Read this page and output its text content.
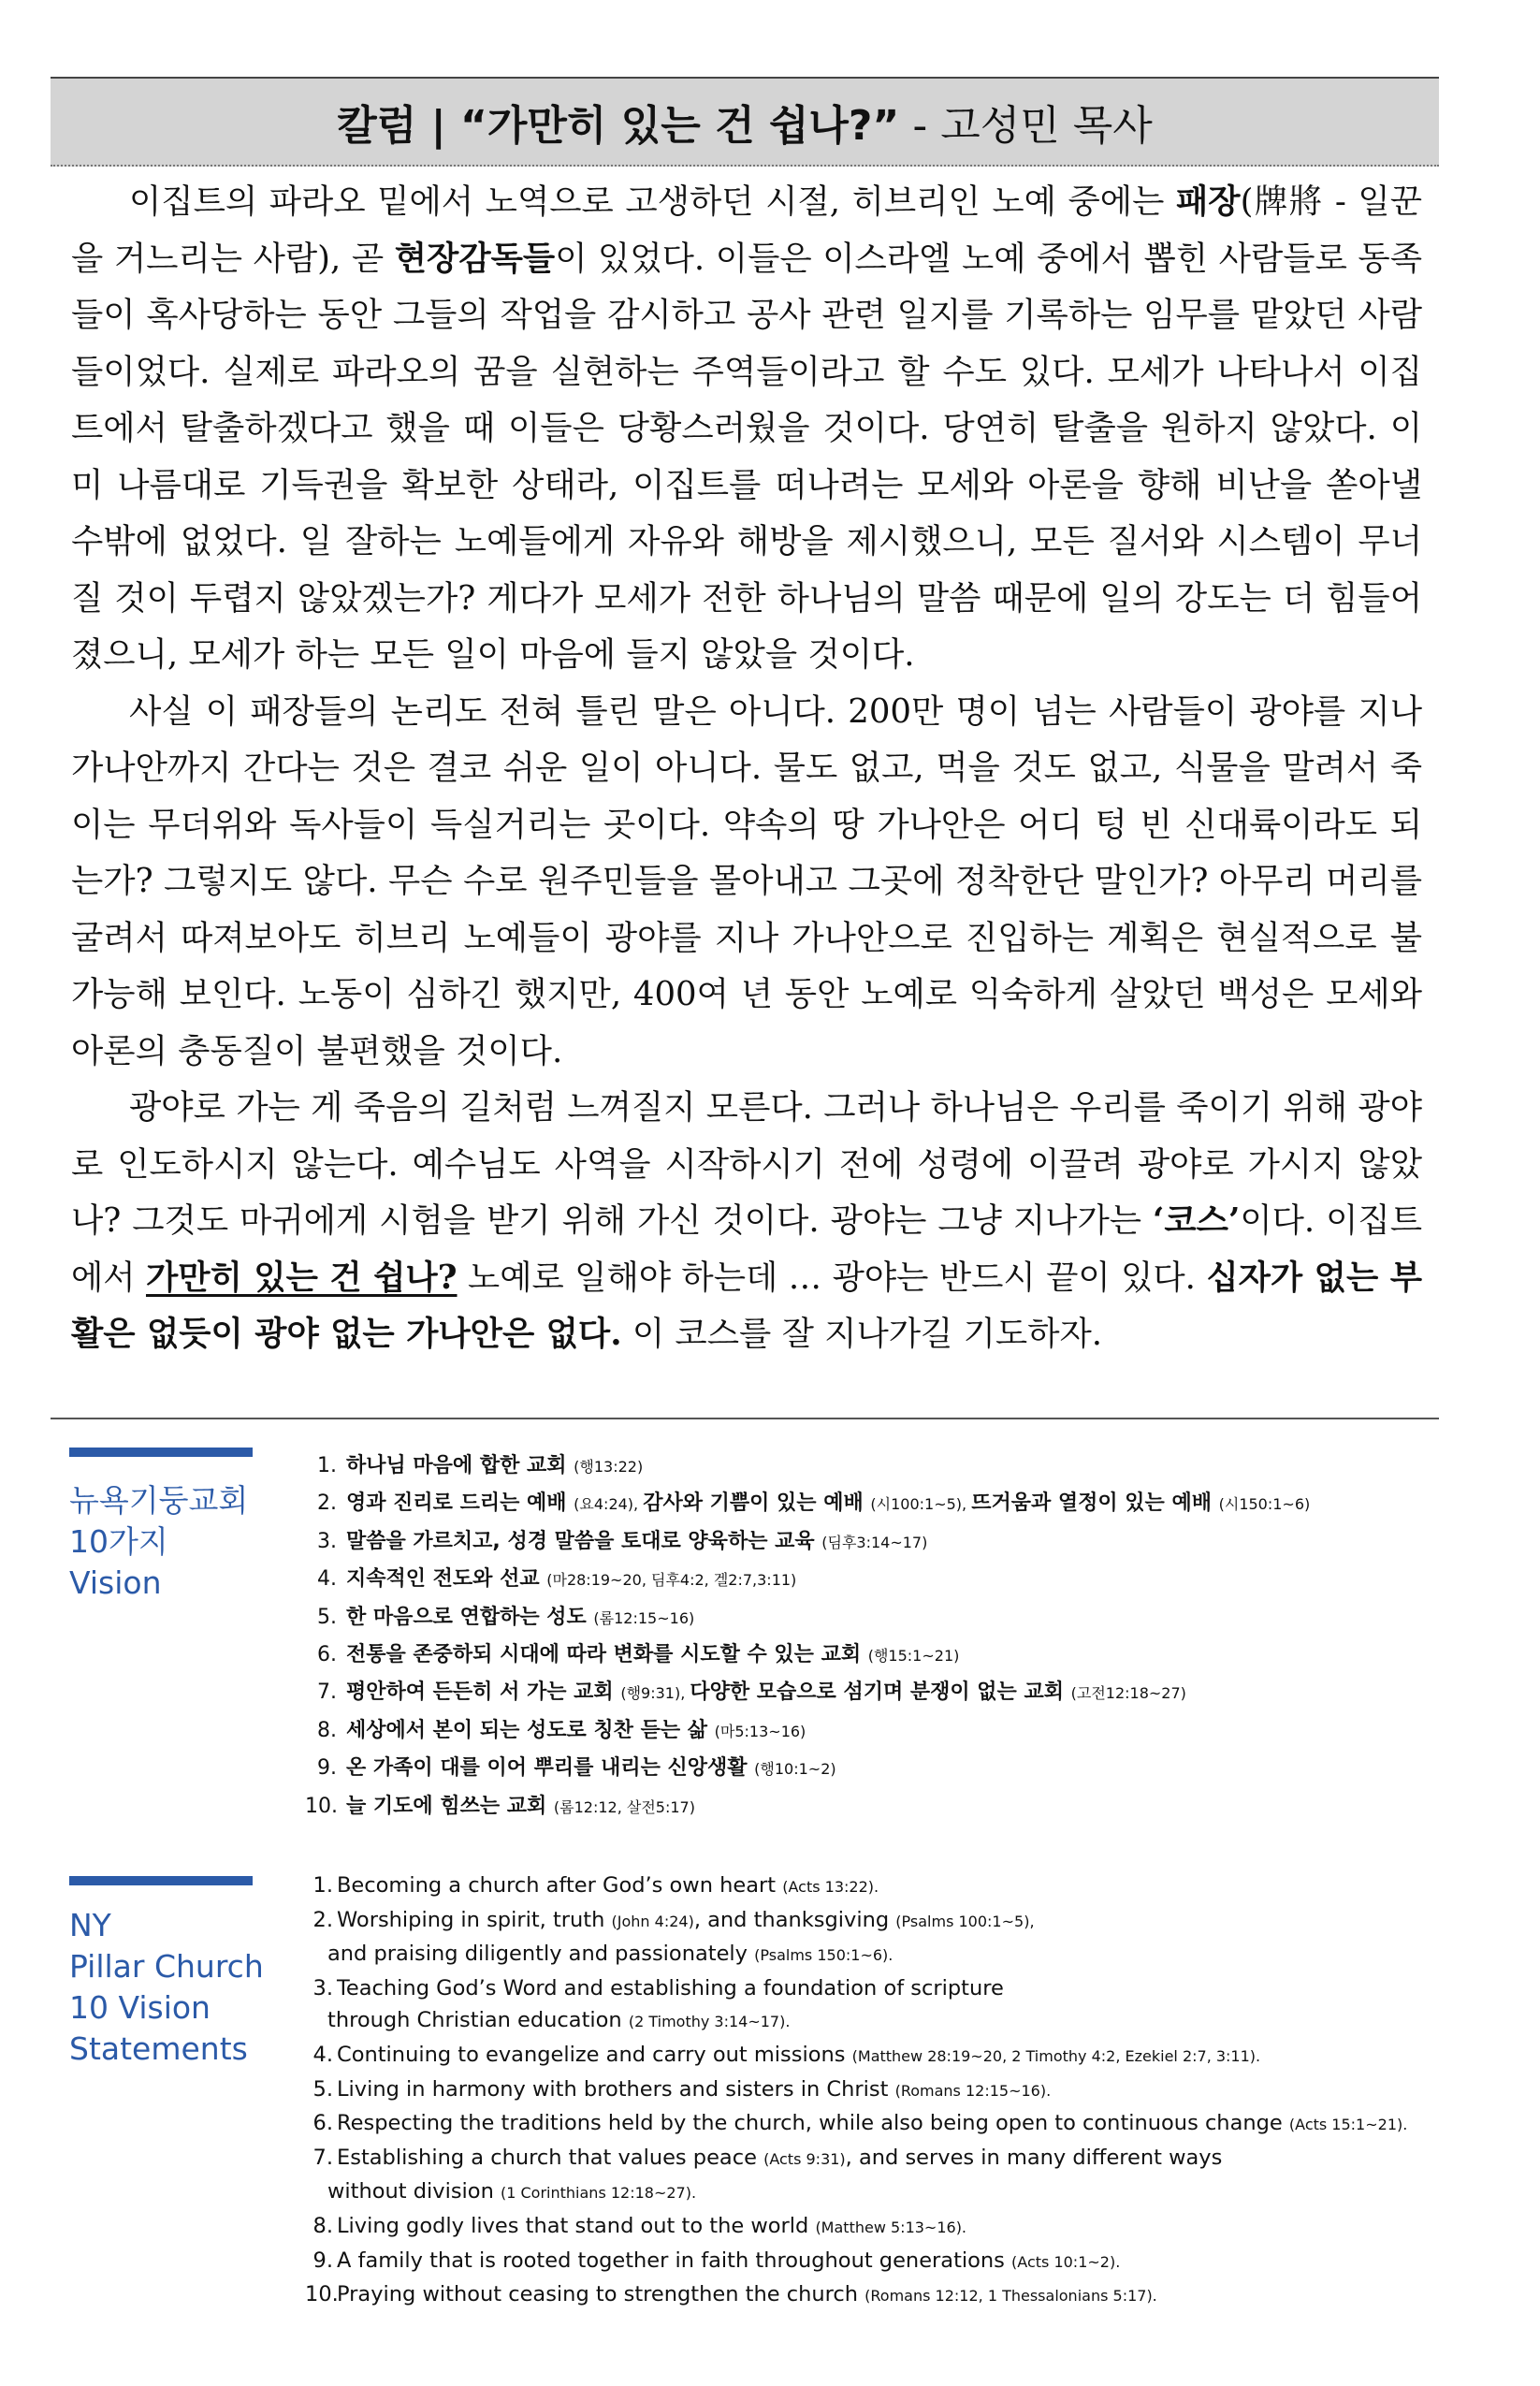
칼럼 | “가만히 있는 건 쉽나?” - 고성민 목사

이집트의 파라오 밑에서 노역으로 고생하던 시절, 히브리인 노예 중에는 패장(牌將 - 일꾼을 거느리는 사람), 곧 현장감독들이 있었다. 이들은 이스라엘 노예 중에서 뽑힌 사람들로 동족들이 혹사당하는 동안 그들의 작업을 감시하고 공사 관련 일지를 기록하는 임무를 맡았던 사람들이었다. 실제로 파라오의 꿈을 실현하는 주역들이라고 할 수도 있다. 모세가 나타나서 이집트에서 탈출하겠다고 했을 때 이들은 당황스러웠을 것이다. 당연히 탈출을 원하지 않았다. 이미 나름대로 기득권을 확보한 상태라, 이집트를 떠나려는 모세와 아론을 향해 비난을 쏟아낼 수밖에 없었다. 일 잘하는 노예들에게 자유와 해방을 제시했으니, 모든 질서와 시스템이 무너질 것이 두렵지 않았겠는가? 게다가 모세가 전한 하나님의 말씀 때문에 일의 강도는 더 힘들어졌으니, 모세가 하는 모든 일이 마음에 들지 않았을 것이다.

사실 이 패장들의 논리도 전혀 틀린 말은 아니다. 200만 명이 넘는 사람들이 광야를 지나 가나안까지 간다는 것은 결코 쉬운 일이 아니다. 물도 없고, 먹을 것도 없고, 식물을 말려서 죽이는 무더위와 독사들이 득실거리는 곳이다. 약속의 땅 가나안은 어디 텅 빈 신대륙이라도 되는가? 그렇지도 않다. 무슨 수로 원주민들을 몰아내고 그곳에 정착한단 말인가? 아무리 머리를 굴려서 따져보아도 히브리 노예들이 광야를 지나 가나안으로 진입하는 계획은 현실적으로 불가능해 보인다. 노동이 심하긴 했지만, 400여 년 동안 노예로 익숙하게 살았던 백성은 모세와 아론의 충동질이 불편했을 것이다.

광야로 가는 게 죽음의 길처럼 느껴질지 모른다. 그러나 하나님은 우리를 죽이기 위해 광야로 인도하시지 않는다. 예수님도 사역을 시작하시기 전에 성령에 이끌려 광야로 가시지 않았나? 그것도 마귀에게 시험을 받기 위해 가신 것이다. 광야는 그냥 지나가는 ‘코스’이다. 이집트에서 가만히 있는 건 쉽나? 노예로 일해야 하는데 … 광야는 반드시 끝이 있다. 십자가 없는 부활은 없듯이 광야 없는 가나안은 없다. 이 코스를 잘 지나가길 기도하자.

뉴욕기둥교회
10가지
Vision
1. 하나님 마음에 합한 교회 (행13:22)
2. 영과 진리로 드리는 예배 (요4:24), 감사와 기쁨이 있는 예배 (시100:1~5), 뜨거움과 열정이 있는 예배 (시150:1~6)
3. 말씀을 가르치고, 성경 말씀을 토대로 양육하는 교육 (딤후3:14~17)
4. 지속적인 전도와 선교 (마28:19~20, 딤후4:2, 겔2:7,3:11)
5. 한 마음으로 연합하는 성도 (롬12:15~16)
6. 전통을 존중하되 시대에 따라 변화를 시도할 수 있는 교회 (행15:1~21)
7. 평안하여 든든히 서 가는 교회 (행9:31), 다양한 모습으로 섬기며 분쟁이 없는 교회 (고전12:18~27)
8. 세상에서 본이 되는 성도로 칭찬 듣는 삶 (마5:13~16)
9. 온 가족이 대를 이어 뿌리를 내리는 신앙생활 (행10:1~2)
10. 늘 기도에 힘쓰는 교회 (롬12:12, 살전5:17)
NY
Pillar Church
10 Vision
Statements
1. Becoming a church after God’s own heart (Acts 13:22).
2. Worshiping in spirit, truth (John 4:24), and thanksgiving (Psalms 100:1~5),
and praising diligently and passionately (Psalms 150:1~6).
3. Teaching God’s Word and establishing a foundation of scripture
through Christian education (2 Timothy 3:14~17).
4. Continuing to evangelize and carry out missions (Matthew 28:19~20, 2 Timothy 4:2, Ezekiel 2:7, 3:11).
5. Living in harmony with brothers and sisters in Christ (Romans 12:15~16).
6. Respecting the traditions held by the church, while also being open to continuous change (Acts 15:1~21).
7. Establishing a church that values peace (Acts 9:31), and serves in many different ways
without division (1 Corinthians 12:18~27).
8. Living godly lives that stand out to the world (Matthew 5:13~16).
9. A family that is rooted together in faith throughout generations (Acts 10:1~2).
10.Praying without ceasing to strengthen the church (Romans 12:12, 1 Thessalonians 5:17).
